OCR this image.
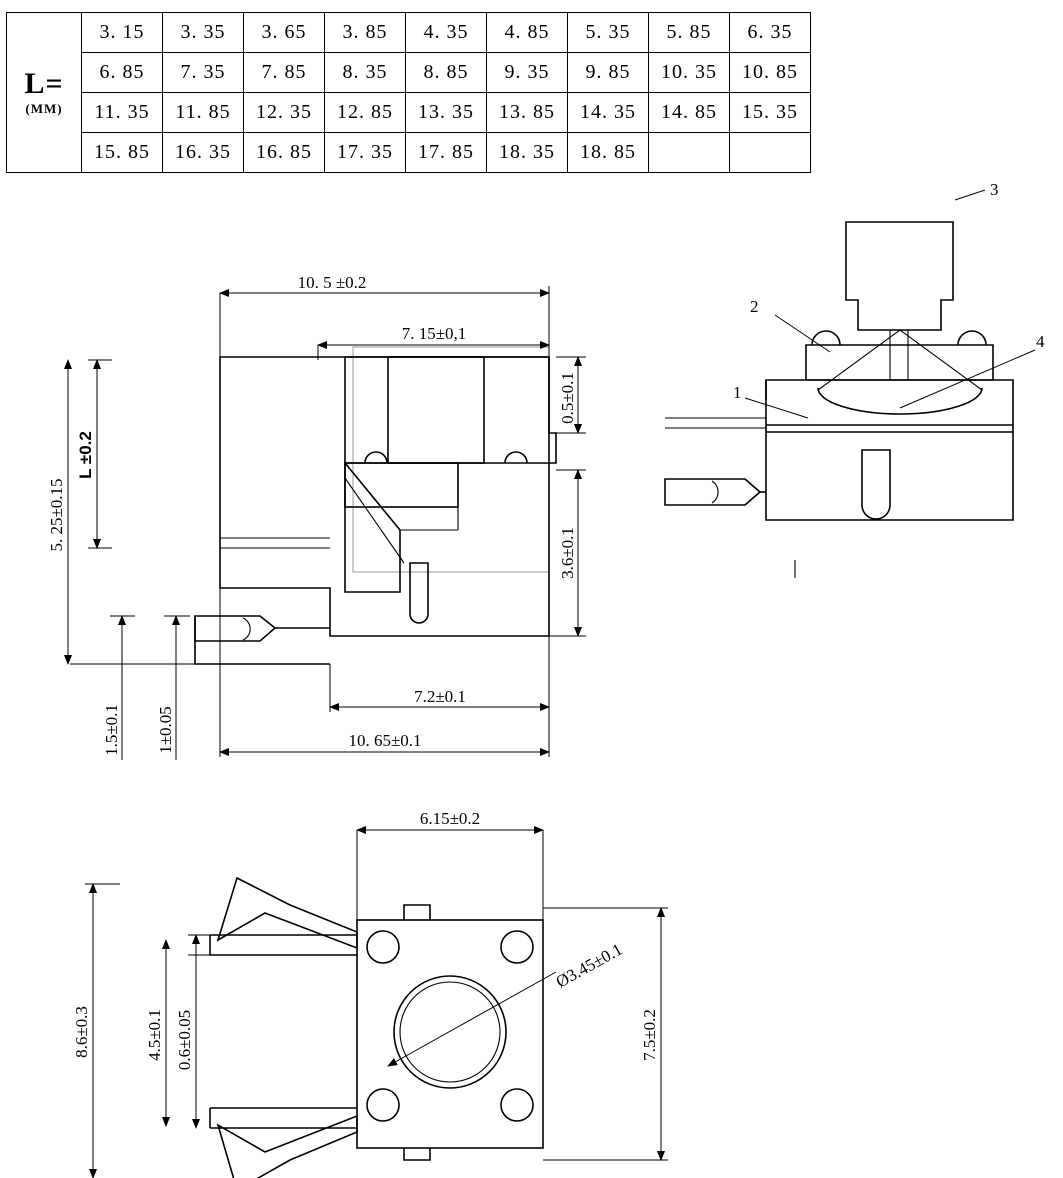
L=
(MM)	3. 15	3. 35	3. 65	3. 85	4. 35	4. 85	5. 35	5. 85	6. 35
	6. 85	7. 35	7. 85	8. 35	8. 85	9. 35	9. 85	10. 35	10. 85
	11. 35	11. 85	12. 35	12. 85	13. 35	13. 85	14. 35	14. 85	15. 35
	15. 85	16. 35	16. 85	17. 35	17. 85	18. 35	18. 85		
10. 5 ±0.2
7. 15±0,1
0.5±0.1
3.6±0.1
L ±0.2
5. 25±0.15
1.5±0.1 1±0.05
7.2±0.1
10. 65±0.1
3
2
4
1
6.15±0.2
7.5±0.2
8.6±0.3	4.5±0.1 0.6±0.05
Ø3.45±0.1
